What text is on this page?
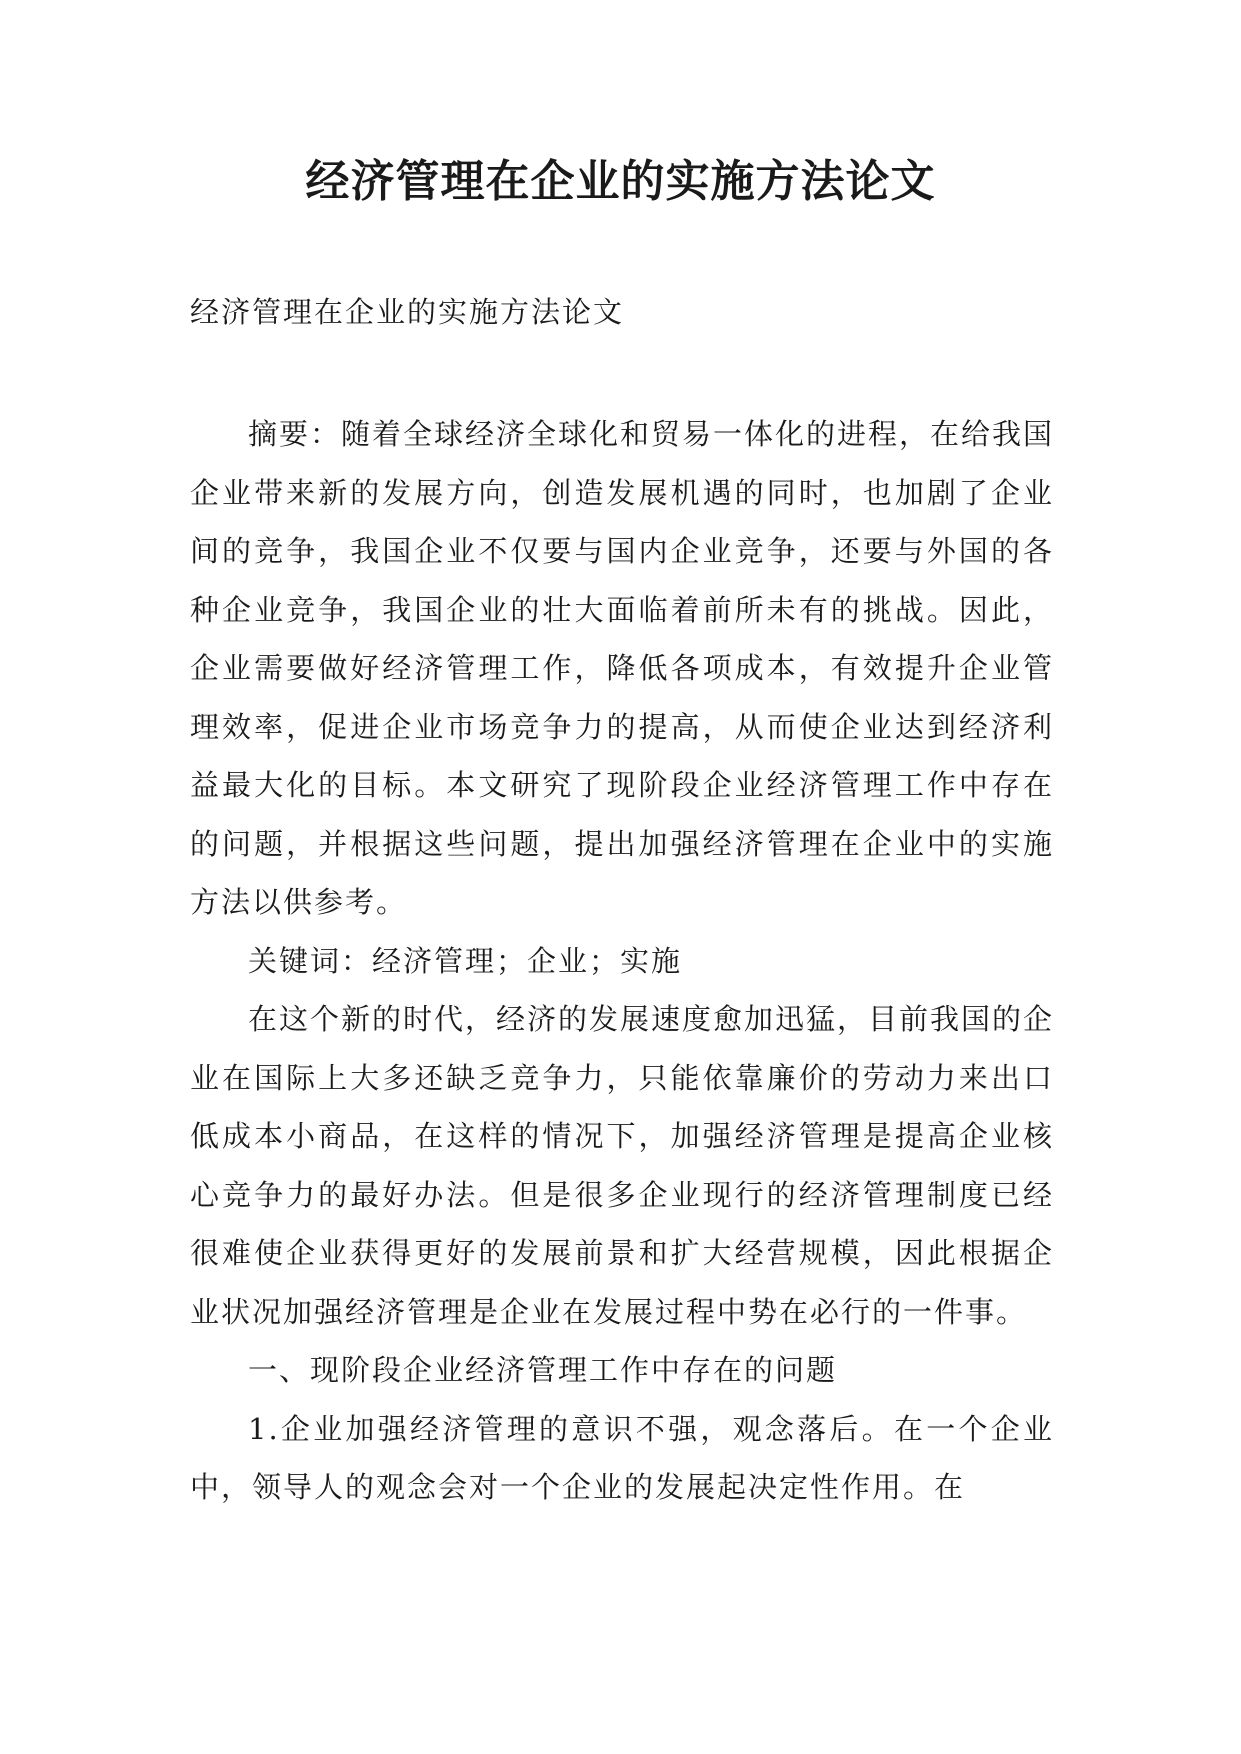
经济管理在企业的实施方法论文

经济管理在企业的实施方法论文

摘要：随着全球经济全球化和贸易一体化的进程，在给我国企业带来新的发展方向，创造发展机遇的同时，也加剧了企业间的竞争，我国企业不仅要与国内企业竞争，还要与外国的各种企业竞争，我国企业的壮大面临着前所未有的挑战。因此，企业需要做好经济管理工作，降低各项成本，有效提升企业管理效率，促进企业市场竞争力的提高，从而使企业达到经济利益最大化的目标。本文研究了现阶段企业经济管理工作中存在的问题，并根据这些问题，提出加强经济管理在企业中的实施方法以供参考。

关键词：经济管理；企业；实施

在这个新的时代，经济的发展速度愈加迅猛，目前我国的企业在国际上大多还缺乏竞争力，只能依靠廉价的劳动力来出口低成本小商品，在这样的情况下，加强经济管理是提高企业核心竞争力的最好办法。但是很多企业现行的经济管理制度已经很难使企业获得更好的发展前景和扩大经营规模，因此根据企业状况加强经济管理是企业在发展过程中势在必行的一件事。

一、现阶段企业经济管理工作中存在的问题

1.企业加强经济管理的意识不强，观念落后。在一个企业中，领导人的观念会对一个企业的发展起决定性作用。在
